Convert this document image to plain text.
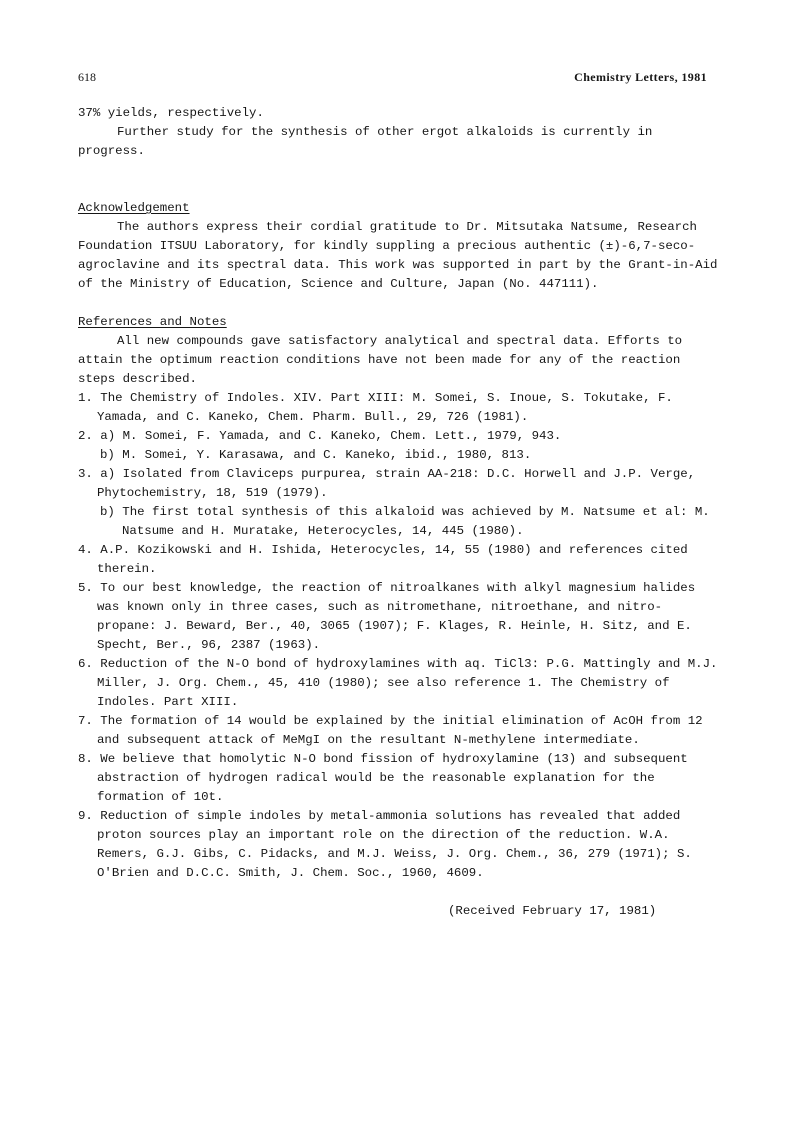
618	Chemistry Letters, 1981

37% yields, respectively.

Further study for the synthesis of other ergot alkaloids is currently in progress.

Acknowledgement

The authors express their cordial gratitude to Dr. Mitsutaka Natsume, Research Foundation ITSUU Laboratory, for kindly suppling a precious authentic (±)-6,7-seco-agroclavine and its spectral data. This work was supported in part by the Grant-in-Aid of the Ministry of Education, Science and Culture, Japan (No. 447111).

References and Notes

All new compounds gave satisfactory analytical and spectral data. Efforts to attain the optimum reaction conditions have not been made for any of the reaction steps described.

1. The Chemistry of Indoles. XIV. Part XIII: M. Somei, S. Inoue, S. Tokutake, F. Yamada, and C. Kaneko, Chem. Pharm. Bull., 29, 726 (1981).

2. a) M. Somei, F. Yamada, and C. Kaneko, Chem. Lett., 1979, 943.

b) M. Somei, Y. Karasawa, and C. Kaneko, ibid., 1980, 813.

3. a) Isolated from Claviceps purpurea, strain AA-218: D.C. Horwell and J.P. Verge, Phytochemistry, 18, 519 (1979).

b) The first total synthesis of this alkaloid was achieved by M. Natsume et al: M. Natsume and H. Muratake, Heterocycles, 14, 445 (1980).

4. A.P. Kozikowski and H. Ishida, Heterocycles, 14, 55 (1980) and references cited therein.

5. To our best knowledge, the reaction of nitroalkanes with alkyl magnesium halides was known only in three cases, such as nitromethane, nitroethane, and nitro-propane: J. Beward, Ber., 40, 3065 (1907); F. Klages, R. Heinle, H. Sitz, and E. Specht, Ber., 96, 2387 (1963).

6. Reduction of the N-O bond of hydroxylamines with aq. TiCl3: P.G. Mattingly and M.J. Miller, J. Org. Chem., 45, 410 (1980); see also reference 1. The Chemistry of Indoles. Part XIII.

7. The formation of 14 would be explained by the initial elimination of AcOH from 12 and subsequent attack of MeMgI on the resultant N-methylene intermediate.

8. We believe that homolytic N-O bond fission of hydroxylamine (13) and subsequent abstraction of hydrogen radical would be the reasonable explanation for the formation of 10t.

9. Reduction of simple indoles by metal-ammonia solutions has revealed that added proton sources play an important role on the direction of the reduction. W.A. Remers, G.J. Gibs, C. Pidacks, and M.J. Weiss, J. Org. Chem., 36, 279 (1971); S. O'Brien and D.C.C. Smith, J. Chem. Soc., 1960, 4609.

(Received February 17, 1981)
